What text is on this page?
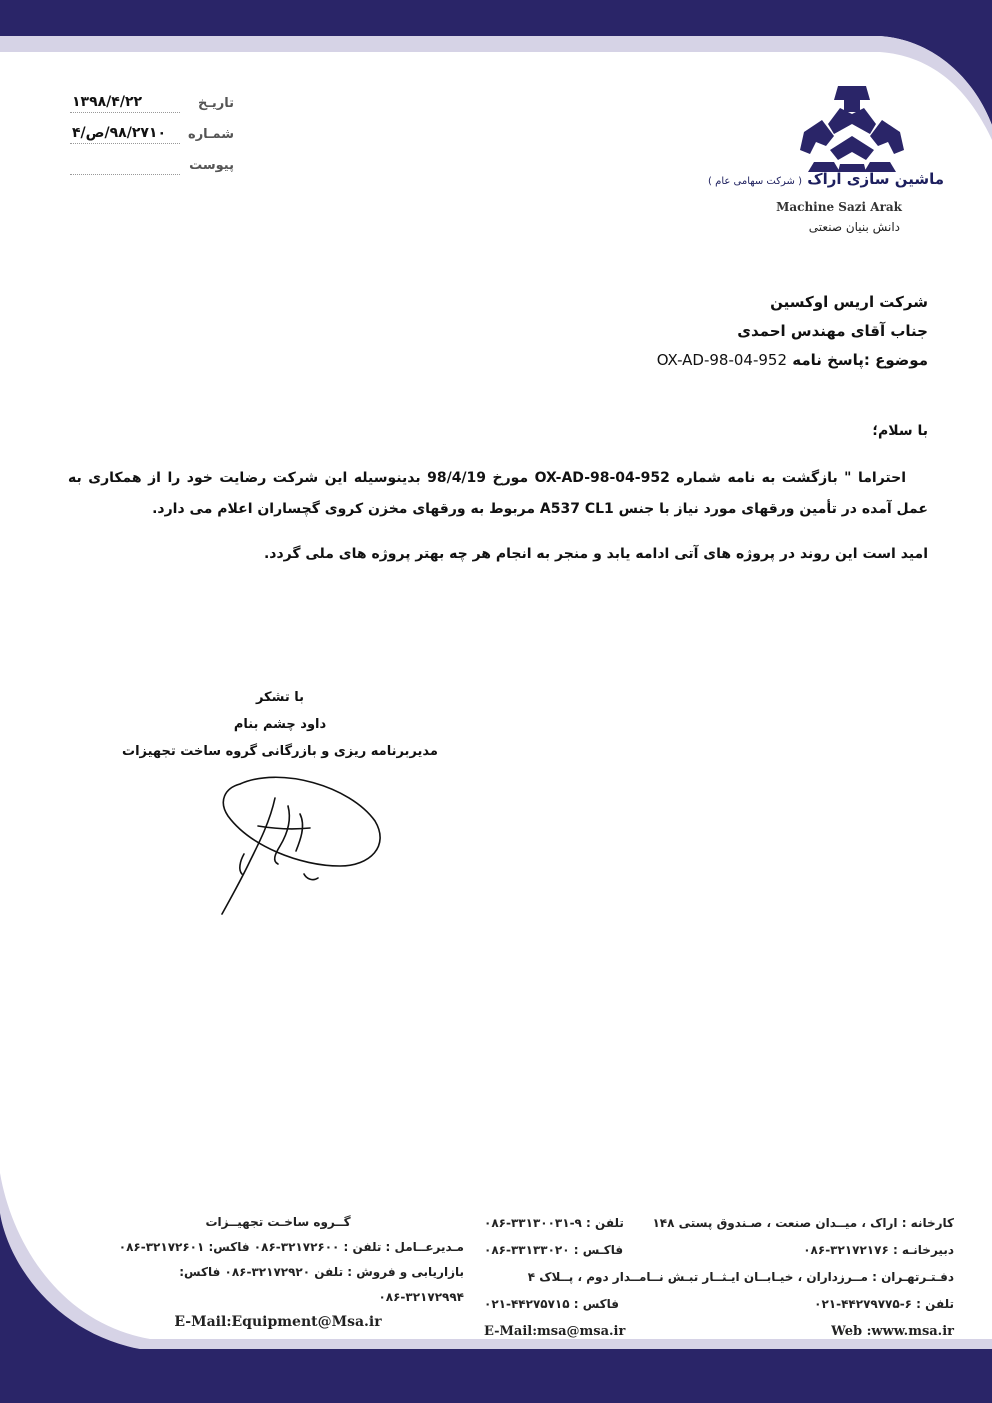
ماشین سازی اراک ( شرکت سهامی عام )
Machine Sazi Arak
دانش بنیان صنعتی
تاریـخ
۱۳۹۸/۴/۲۲
شمـاره
۹۸/۲۷۱۰/ص/۴
پیوست
شرکت اریس اوکسین
جناب آقای مهندس احمدی
موضوع :پاسخ نامه OX-AD-98-04-952

با سلام؛

احتراما " بازگشت به نامه شماره OX-AD-98-04-952 مورخ 98/4/19 بدینوسیله این شرکت رضایت خود را از همکاری به عمل آمده در تأمین ورقهای مورد نیاز با جنس A537 CL1 مربوط به ورقهای مخزن کروی گچساران اعلام می دارد.

امید است این روند در پروژه های آتی ادامه یابد و منجر به انجام هر چه بهتر پروژه های ملی گردد.

با تشکر
داود چشم بنام
مدیربرنامه ریزی و بازرگانی گروه ساخت تجهیزات
گــروه ساخـت تجهیــزات
مـدیرعــامل : تلفن : ۳۲۱۷۲۶۰۰-۰۸۶ فاکس: ۳۲۱۷۲۶۰۱-۰۸۶
بازاریابی و فروش : تلفن ۳۲۱۷۲۹۲۰-۰۸۶ فاکس: ۳۲۱۷۲۹۹۴-۰۸۶
E-Mail:Equipment@Msa.ir
کارخانه : اراک ، میــدان صنعت ، صـندوق پستی ۱۴۸
تلفن : ۹-۳۳۱۳۰۰۳۱-۰۸۶
دبیرخانـه : ۳۲۱۷۲۱۷۶-۰۸۶
فاکـس : ۳۳۱۳۳۰۲۰-۰۸۶
دفـتـرتهـران : مــرزداران ، خیـابــان ایـثــار تبـش نــامــدار دوم ، پــلاک ۴
تلفن : ۶-۴۴۲۷۹۷۷۵-۰۲۱
فاکس : ۴۴۲۷۵۷۱۵-۰۲۱
Web :www.msa.ir
E-Mail:msa@msa.ir
